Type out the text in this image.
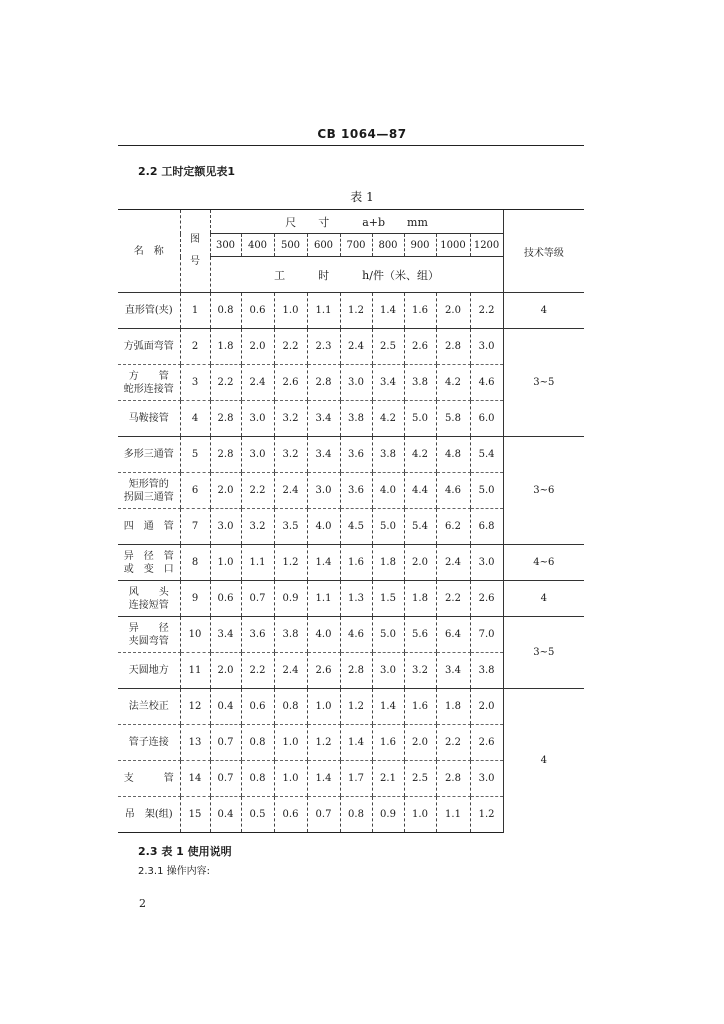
CB 1064—87
2.2 工时定额见表1
表 1
名　称	图
号	尺　　寸　　　a+b　　mm									技术等级
		300	400	500	600	700	800	900	1000	1200	
		工　　　时　　　h/件（米、组）									
直形管(夹)	1	0.8	0.6	1.0	1.1	1.2	1.4	1.6	2.0	2.2	4
方弧面弯管	2	1.8	2.0	2.2	2.3	2.4	2.5	2.6	2.8	3.0	3~5
方　　管
蛇形连接管	3	2.2	2.4	2.6	2.8	3.0	3.4	3.8	4.2	4.6	
马鞍接管	4	2.8	3.0	3.2	3.4	3.8	4.2	5.0	5.8	6.0	
多形三通管	5	2.8	3.0	3.2	3.4	3.6	3.8	4.2	4.8	5.4	3~6
矩形管的
拐圆三通管	6	2.0	2.2	2.4	3.0	3.6	4.0	4.4	4.6	5.0	
四　通　管	7	3.0	3.2	3.5	4.0	4.5	5.0	5.4	6.2	6.8	
异　径　管
或　变　口	8	1.0	1.1	1.2	1.4	1.6	1.8	2.0	2.4	3.0	4~6
风　　头
连接短管	9	0.6	0.7	0.9	1.1	1.3	1.5	1.8	2.2	2.6	4
异　　径
夹圆弯管	10	3.4	3.6	3.8	4.0	4.6	5.0	5.6	6.4	7.0	3~5
天圆地方	11	2.0	2.2	2.4	2.6	2.8	3.0	3.2	3.4	3.8	
法兰校正	12	0.4	0.6	0.8	1.0	1.2	1.4	1.6	1.8	2.0	4
管子连接	13	0.7	0.8	1.0	1.2	1.4	1.6	2.0	2.2	2.6	
支　　　管	14	0.7	0.8	1.0	1.4	1.7	2.1	2.5	2.8	3.0	
吊　架(组)	15	0.4	0.5	0.6	0.7	0.8	0.9	1.0	1.1	1.2	
2.3 表 1 使用说明
2.3.1 操作内容:
2
